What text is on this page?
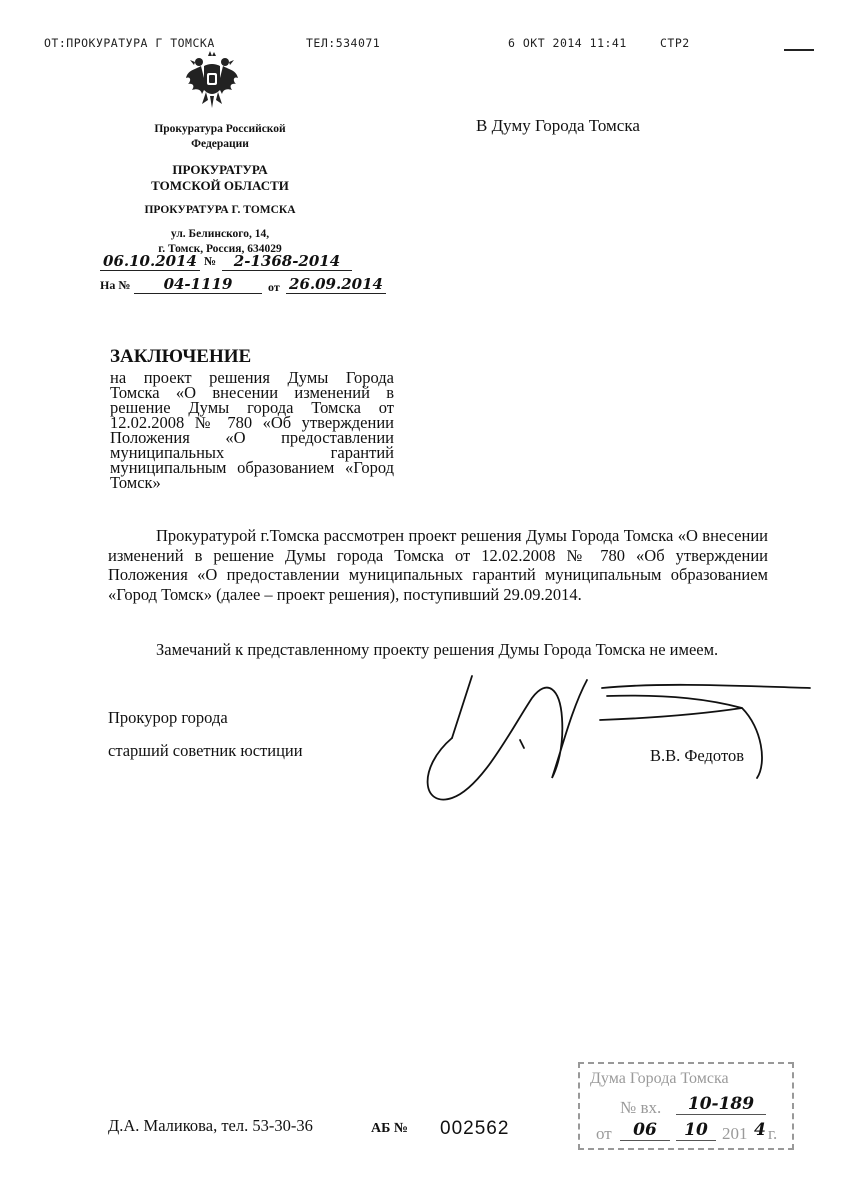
ОТ:ПРОКУРАТУРА Г ТОМСКА	ТЕЛ:534071	6 ОКТ 2014 11:41	СТР2
Прокуратура Российской
Федерации
ПРОКУРАТУРА
ТОМСКОЙ ОБЛАСТИ
ПРОКУРАТУРА Г. ТОМСКА
ул. Белинского, 14,
г. Томск, Россия, 634029
06.10.2014 №	2-1368-2014
На №	04-1119	от 26.09.2014
В Думу Города Томска
ЗАКЛЮЧЕНИЕ
на проект решения Думы Города Томска «О внесении изменений в решение Думы города Томска от 12.02.2008 № 780 «Об утверждении Положения «О предоставлении муниципальных гарантий муниципальным образованием «Город Томск»
Прокуратурой г.Томска рассмотрен проект решения Думы Города Томска «О внесении изменений в решение Думы города Томска от 12.02.2008 № 780 «Об утверждении Положения «О предоставлении муниципальных гарантий муниципальным образованием «Город Томск» (далее – проект решения), поступивший 29.09.2014.
Замечаний к представленному проекту решения Думы Города Томска не имеем.
Прокурор города
старший советник юстиции	В.В. Федотов
Д.А. Маликова, тел. 53-30-36	АБ № 002562
Дума Города Томска
№ вх.	10-189
от	06	10 201 4 г.
